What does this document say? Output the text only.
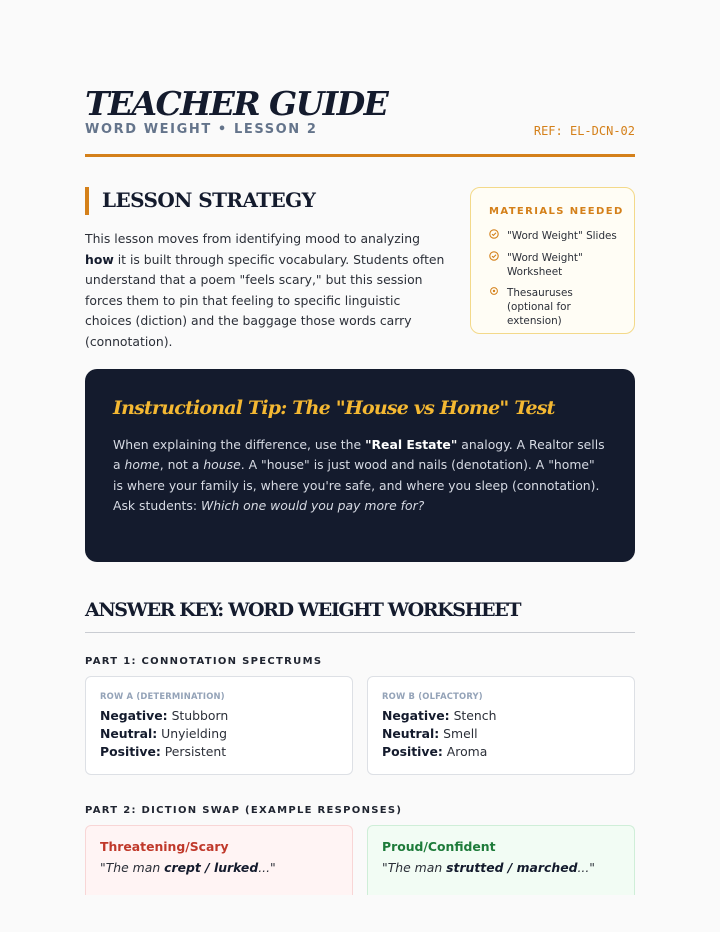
TEACHER GUIDE
WORD WEIGHT • LESSON 2	REF: EL-DCN-02
LESSON STRATEGY

This lesson moves from identifying mood to analyzing how it is built through specific vocabulary. Students often understand that a poem "feels scary," but this session forces them to pin that feeling to specific linguistic choices (diction) and the baggage those words carry (connotation).

MATERIALS NEEDED
"Word Weight" Slides
"Word Weight" Worksheet
Thesauruses (optional for extension)
Instructional Tip: The "House vs Home" Test

When explaining the difference, use the "Real Estate" analogy. A Realtor sells a home, not a house. A "house" is just wood and nails (denotation). A "home" is where your family is, where you're safe, and where you sleep (connotation). Ask students: Which one would you pay more for?

ANSWER KEY: WORD WEIGHT WORKSHEET
PART 1: CONNOTATION SPECTRUMS
ROW A (DETERMINATION)
Negative: Stubborn
Neutral: Unyielding
Positive: Persistent
ROW B (OLFACTORY)
Negative: Stench
Neutral: Smell
Positive: Aroma
PART 2: DICTION SWAP (EXAMPLE RESPONSES)
Threatening/Scary
"The man crept / lurked..."
Proud/Confident
"The man strutted / marched..."
